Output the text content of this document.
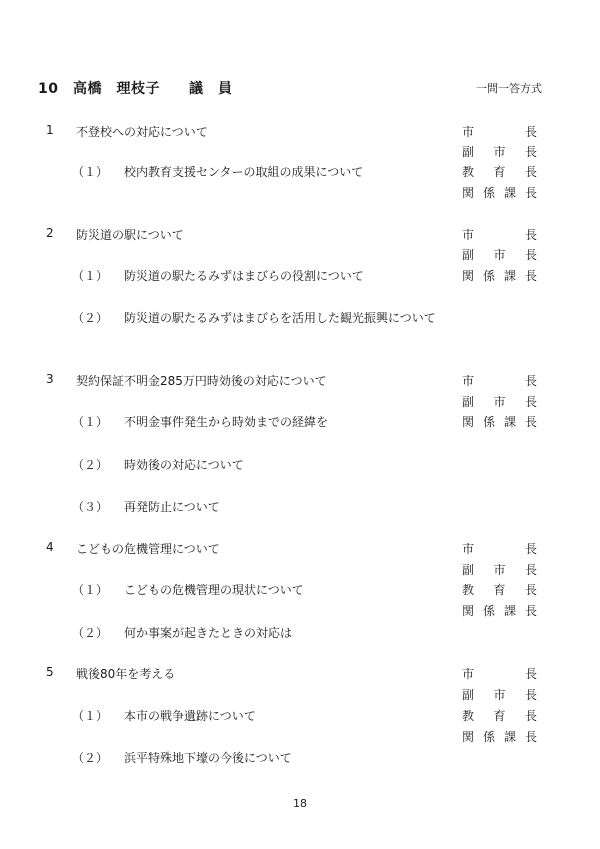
10　高橋　理枝子　　議　員	一問一答方式
1 不登校への対応について
（１） 校内教育支援センターの取組の成果について
市	長
副 市 長
教 育 長
関 係 課 長
2 防災道の駅について
（１） 防災道の駅たるみずはまびらの役割について
（２） 防災道の駅たるみずはまびらを活用した観光振興について
市	長
副 市 長
関 係 課 長
3 契約保証不明金285万円時効後の対応について
（１） 不明金事件発生から時効までの経緯を
（２） 時効後の対応について
（３） 再発防止について
市	長
副 市 長
関 係 課 長
4 こどもの危機管理について
（１） こどもの危機管理の現状について
（２） 何か事案が起きたときの対応は
市	長
副 市 長
教 育 長
関 係 課 長
5 戦後80年を考える
（１） 本市の戦争遺跡について
（２） 浜平特殊地下壕の今後について
市	長
副 市 長
教 育 長
関 係 課 長
18
